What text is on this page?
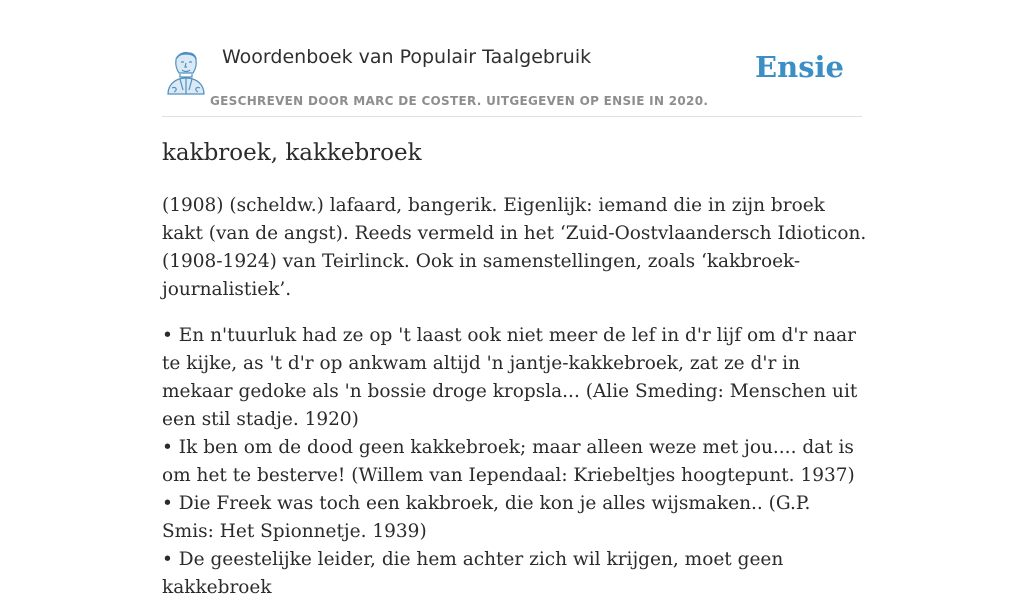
Woordenboek van Populair Taalgebruik
GESCHREVEN DOOR MARC DE COSTER. UITGEGEVEN OP ENSIE IN 2020.
Ensie
kakbroek, kakkebroek

(1908) (scheldw.) lafaard, bangerik. Eigenlijk: iemand die in zijn broek kakt (van de angst). Reeds vermeld in het ‘Zuid-Oostvlaandersch Idioticon. (1908-1924) van Teirlinck. Ook in samenstellingen, zoals ‘kakbroek-journalistiek’.

• En n'tuurluk had ze op 't laast ook niet meer de lef in d'r lijf om d'r naar te kijke, as 't d'r op ankwam altijd 'n jantje-kakkebroek, zat ze d'r in mekaar gedoke als 'n bossie droge kropsla... (Alie Smeding: Menschen uit een stil stadje. 1920)
• Ik ben om de dood geen kakkebroek; maar alleen weze met jou.... dat is om het te besterve! (Willem van Iependaal: Kriebeltjes hoogtepunt. 1937)
• Die Freek was toch een kakbroek, die kon je alles wijsmaken.. (G.P. Smis: Het Spionnetje. 1939)
• De geestelijke leider, die hem achter zich wil krijgen, moet geen kakkebroek
